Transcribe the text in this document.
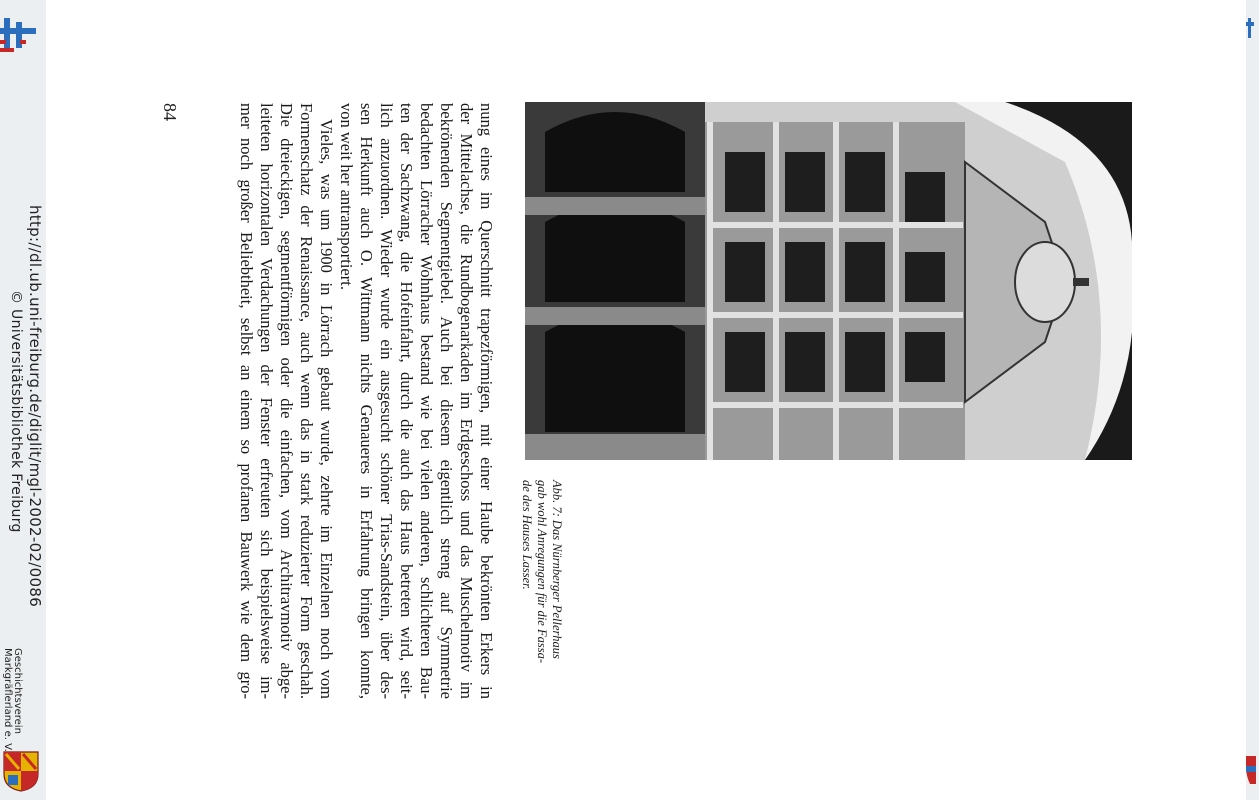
http://dl.ub.uni-freiburg.de/diglit/mgl-2002-02/0086
© Universitätsbibliothek Freiburg
Geschichtsverein
Markgräflerland e. V.
84
Abb. 7: Das Nürnberger Pellerhaus
gab wohl Anregungen für die Fassa-
de des Hauses Lasser.
nung eines im Querschnitt trapezförmigen, mit einer Haube bekrönten Erkers in
der Mittelachse, die Rundbogenarkaden im Erdgeschoss und das Muschelmotiv im
bekrönenden Segmentgiebel. Auch bei diesem eigentlich streng auf Symmetrie
bedachten Lörracher Wohnhaus bestand wie bei vielen anderen, schlichteren Bau-
ten der Sachzwang, die Hofeinfahrt, durch die auch das Haus betreten wird, seit-
lich anzuordnen. Wieder wurde ein ausgesucht schöner Trias-Sandstein, über des-
sen Herkunft auch O. Wittmann nichts Genaueres in Erfahrung bringen konnte,
von weit her antransportiert.
Vieles, was um 1900 in Lörrach gebaut wurde, zehrte im Einzelnen noch vom
Formenschatz der Renaissance, auch wenn das in stark reduzierter Form geschah.
Die dreieckigen, segmentförmigen oder die einfachen, vom Architravmotiv abge-
leiteten horizontalen Verdachungen der Fenster erfreuten sich beispielsweise im-
mer noch großer Beliebtheit, selbst an einem so profanen Bauwerk wie dem gro-
